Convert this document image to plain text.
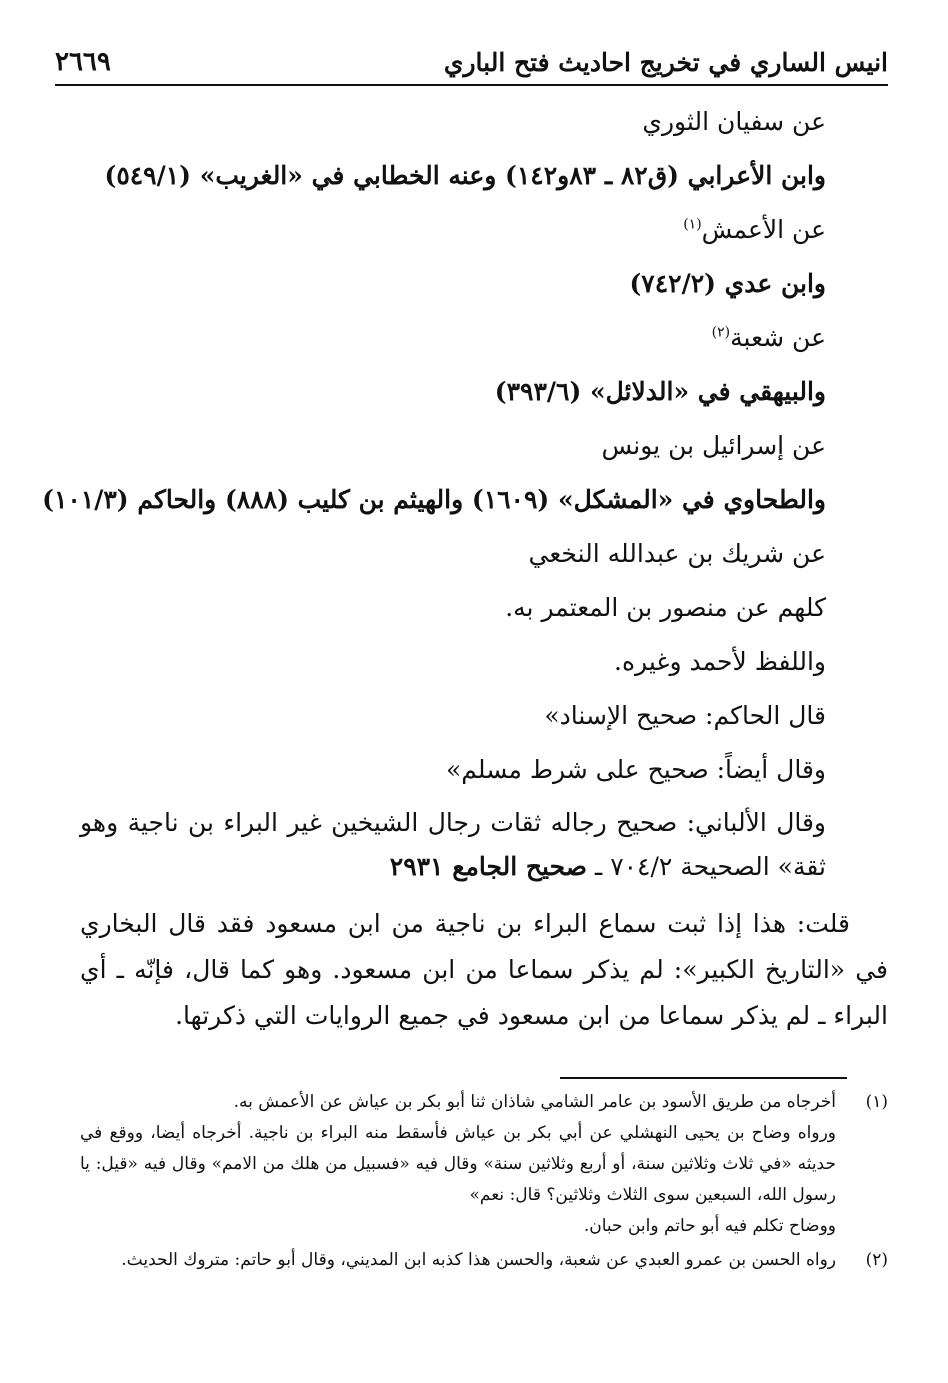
انيس الساري في تخريج احاديث فتح الباري
٢٦٦٩
عن سفيان الثوري
وابن الأعرابي (ق٨٢ ـ ٨٣و١٤٢) وعنه الخطابي في «الغريب» (٥٤٩/١)
عن الأعمش$^{(١)}$
وابن عدي (٧٤٢/٢)
عن شعبة$^{(٢)}$
والبيهقي في «الدلائل» (٣٩٣/٦)
عن إسرائيل بن يونس
والطحاوي في «المشكل» (١٦٠٩) والهيثم بن كليب (٨٨٨) والحاكم (١٠١/٣)
عن شريك بن عبدالله النخعي
كلهم عن منصور بن المعتمر به.
واللفظ لأحمد وغيره.
قال الحاكم: صحيح الإسناد»
وقال أيضاً: صحيح على شرط مسلم»
وقال الألباني: صحيح رجاله ثقات رجال الشيخين غير البراء بن ناجية وهو ثقة» الصحيحة ٧٠٤/٢ ـ صحيح الجامع ٢٩٣١
قلت: هذا إذا ثبت سماع البراء بن ناجية من ابن مسعود فقد قال البخاري في «التاريخ الكبير»: لم يذكر سماعا من ابن مسعود. وهو كما قال، فإنّه ـ أي البراء ـ لم يذكر سماعا من ابن مسعود في جميع الروايات التي ذكرتها.
(١)
أخرجاه من طريق الأسود بن عامر الشامي شاذان ثنا أبو بكر بن عياش عن الأعمش به.
ورواه وضاح بن يحيى النهشلي عن أبي بكر بن عياش فأسقط منه البراء بن ناجية. أخرجاه أيضا، ووقع في حديثه «في ثلاث وثلاثين سنة، أو أربع وثلاثين سنة» وقال فيه «فسبيل من هلك من الامم» وقال فيه «قيل: يا رسول الله، السبعين سوى الثلاث وثلاثين؟ قال: نعم»
ووضاح تكلم فيه أبو حاتم وابن حبان.
(٢)
رواه الحسن بن عمرو العبدي عن شعبة، والحسن هذا كذبه ابن المديني، وقال أبو حاتم: متروك الحديث.
